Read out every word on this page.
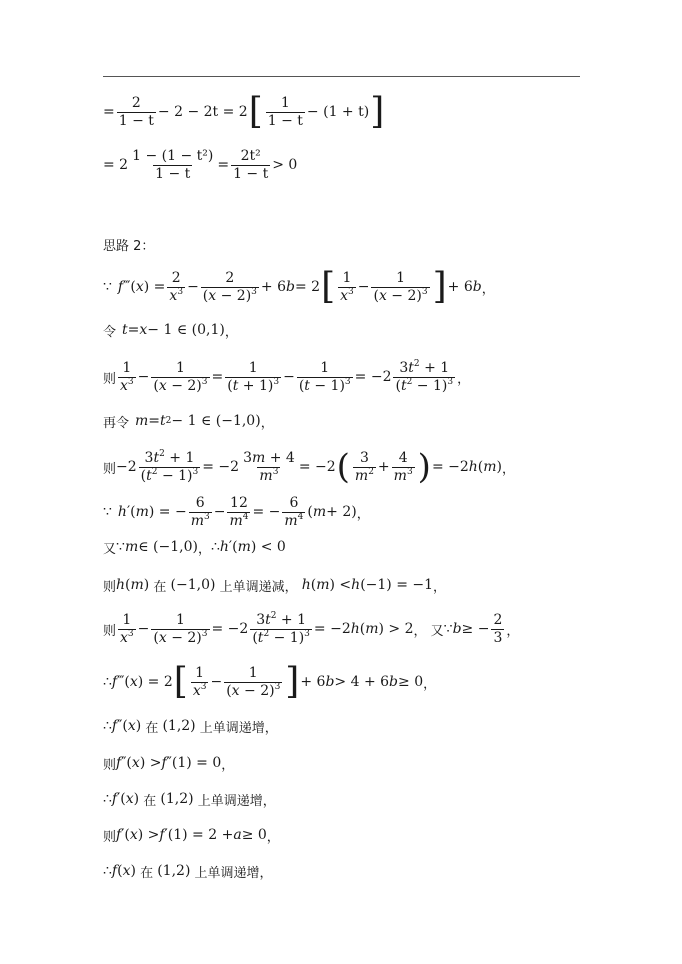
= $\frac{2}{1 - t} - 2 - 2t = 2$ [ 1
1 − t
− (1 + t) ]
= $2 \frac{\text{1 − (1 − t²)}}{1 - t} = \frac{\text{2t²}}{1 - t} > 0$
思路 2：
∵ f ‴( x ) =
2
$x^3$ −
2
$(x - 2)^3 + 6$ b = 2 [ 1
$x^3$ −
1
$(x - 2)^3$ ] + 6 b ，
令 t = x − 1 ∈ (0,1) ，
则
1
$x^3$ −
1
$(x - 2)^3$ =
1
$(t + 1)^3$ −
1
$(t - 1)^3 = -2$
$3t^2 + 1$
$(t^2 - 1)^3$ ，
再令 m = t 2 − 1 ∈ (−1,0) ，
则 −2
$3t^2 + 1$
$(t^2 - 1)^3 = -2$
3m + 4
$m^3 = -2$ ( 3
$m^2$ +
4
$m^3$ ) = −2 h ( m ) ，
∵ h ′( m ) = −
6
$m^3$ −
12
$m^4$ = −
6
$m^4$ ( m + 2) ，
又 ∵ m ∈ (−1,0) ， ∴ h ′( m ) < 0
则 h ( m ) 在 (−1,0) 上单调递减， h ( m ) < h (−1) = −1 ，
则
1
$x^3$ −
1
$(x - 2)^3 = -2$
$3t^2 + 1$
$(t^2 - 1)^3 = -2$ h ( m ) > 2 ， 又 ∵ b ≥ −
2
3 ，
∴ f ‴( x ) = 2 [ 1
$x^3$ −
1
$(x - 2)^3$ ] + 6 b > 4 + 6 b ≥ 0 ，
∴ f ″( x ) 在 (1,2) 上单调递增，
则 f ″( x ) > f ″(1) = 0 ，
∴ f ′( x ) 在 (1,2) 上单调递增，
则 f ′( x ) > f ′(1) = 2 + a ≥ 0 ，
∴ f ( x ) 在 (1,2) 上单调递增，
